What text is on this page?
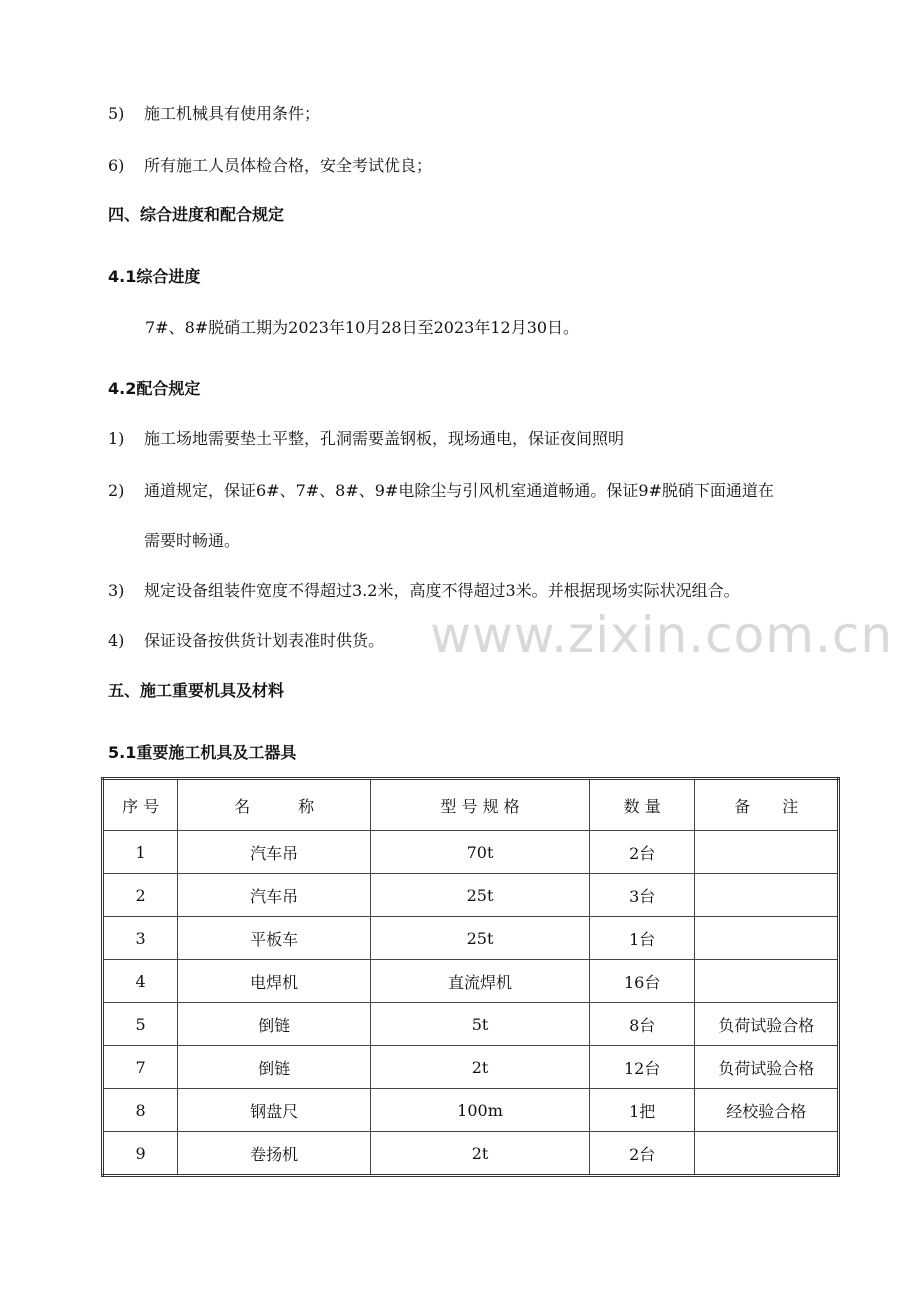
5) 施工机械具有使用条件；
6) 所有施工人员体检合格，安全考试优良；
四、综合进度和配合规定
4.1综合进度
7#、8#脱硝工期为2023年10月28日至2023年12月30日。
4.2配合规定
1) 施工场地需要垫土平整，孔洞需要盖钢板，现场通电，保证夜间照明
2) 通道规定，保证6#、7#、8#、9#电除尘与引风机室通道畅通。保证9#脱硝下面通道在
需要时畅通。
3) 规定设备组装件宽度不得超过3.2米，高度不得超过3米。并根据现场实际状况组合。
4) 保证设备按供货计划表准时供货。
五、施工重要机具及材料
5.1重要施工机具及工器具
www.zixin.com.cn
序 号	名　　　称	型 号 规 格	数 量	备　　注
1	汽车吊	70t	2台	
2	汽车吊	25t	3台	
3	平板车	25t	1台	
4	电焊机	直流焊机	16台	
5	倒链	5t	8台	负荷试验合格
7	倒链	2t	12台	负荷试验合格
8	钢盘尺	100m	1把	经校验合格
9	卷扬机	2t	2台	
